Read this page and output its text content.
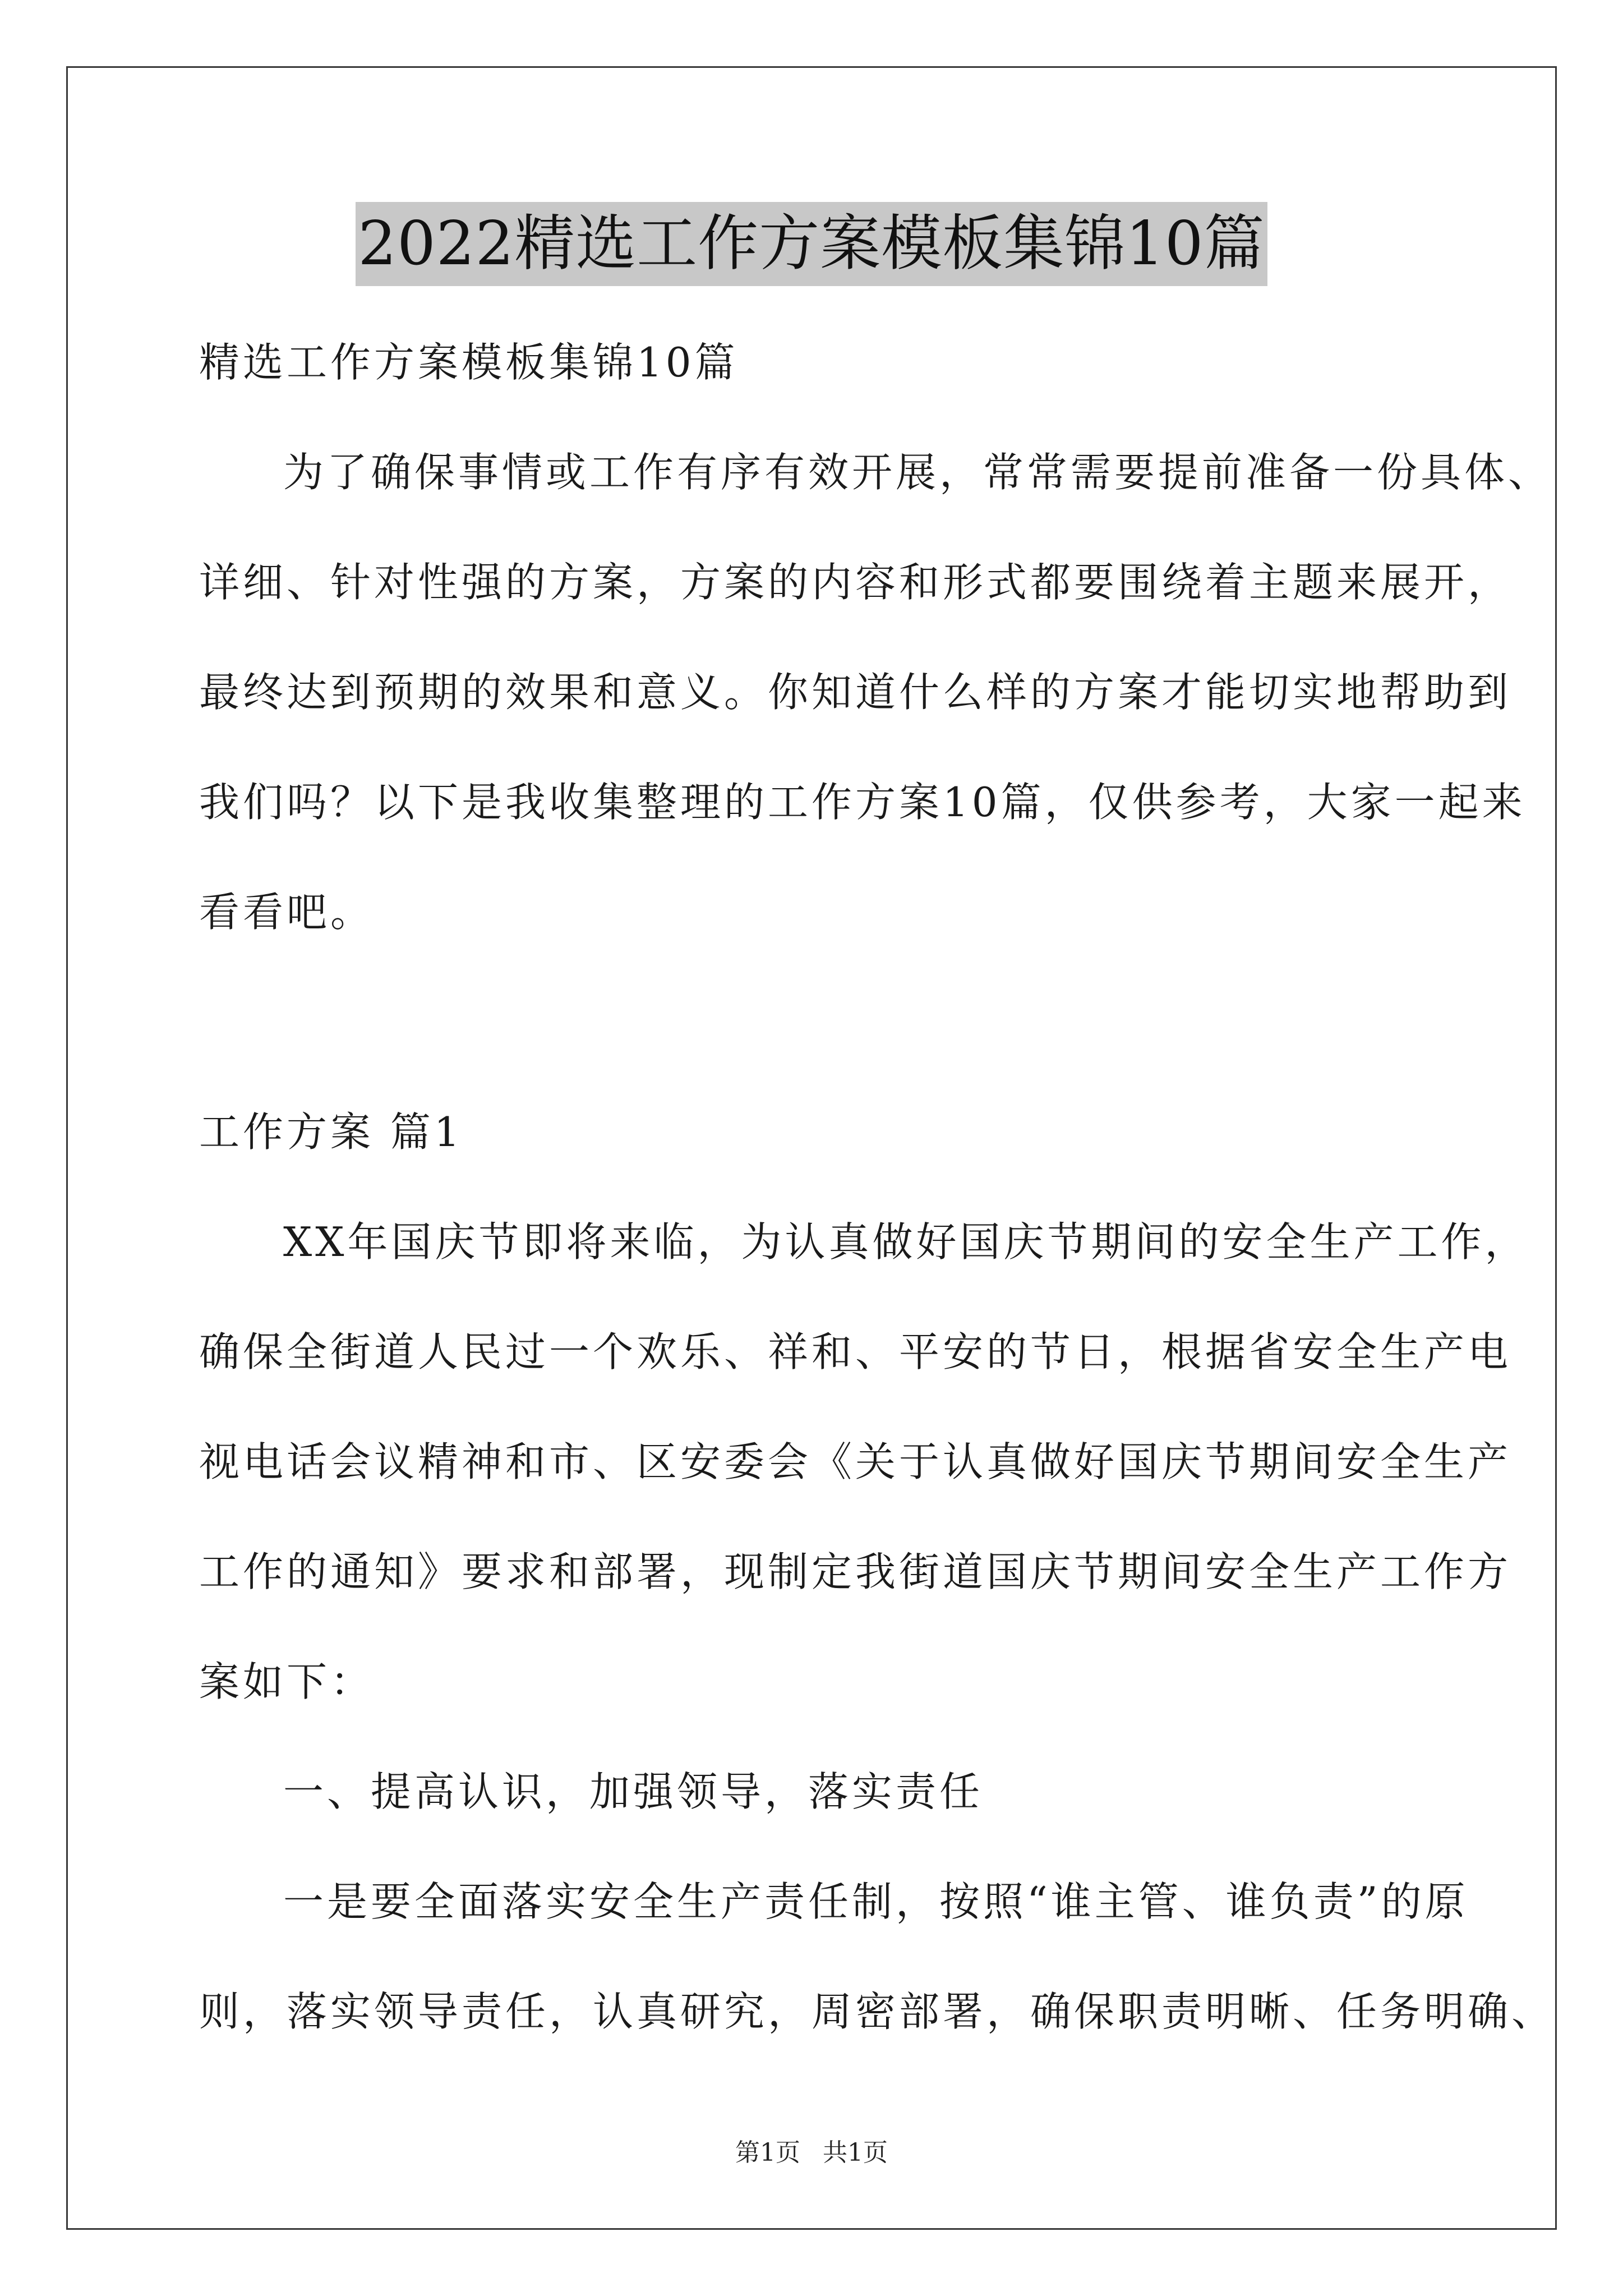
2022精选工作方案模板集锦10篇
精选工作方案模板集锦10篇
为了确保事情或工作有序有效开展，常常需要提前准备一份具体、
详细、针对性强的方案，方案的内容和形式都要围绕着主题来展开，
最终达到预期的效果和意义。你知道什么样的方案才能切实地帮助到
我们吗？以下是我收集整理的工作方案10篇，仅供参考，大家一起来
看看吧。
工作方案 篇1
XX年国庆节即将来临，为认真做好国庆节期间的安全生产工作，
确保全街道人民过一个欢乐、祥和、平安的节日，根据省安全生产电
视电话会议精神和市、区安委会《关于认真做好国庆节期间安全生产
工作的通知》要求和部署，现制定我街道国庆节期间安全生产工作方
案如下：
一、提高认识，加强领导，落实责任
一是要全面落实安全生产责任制，按照“谁主管、谁负责”的原
则，落实领导责任，认真研究，周密部署，确保职责明晰、任务明确、
第1页 共1页
